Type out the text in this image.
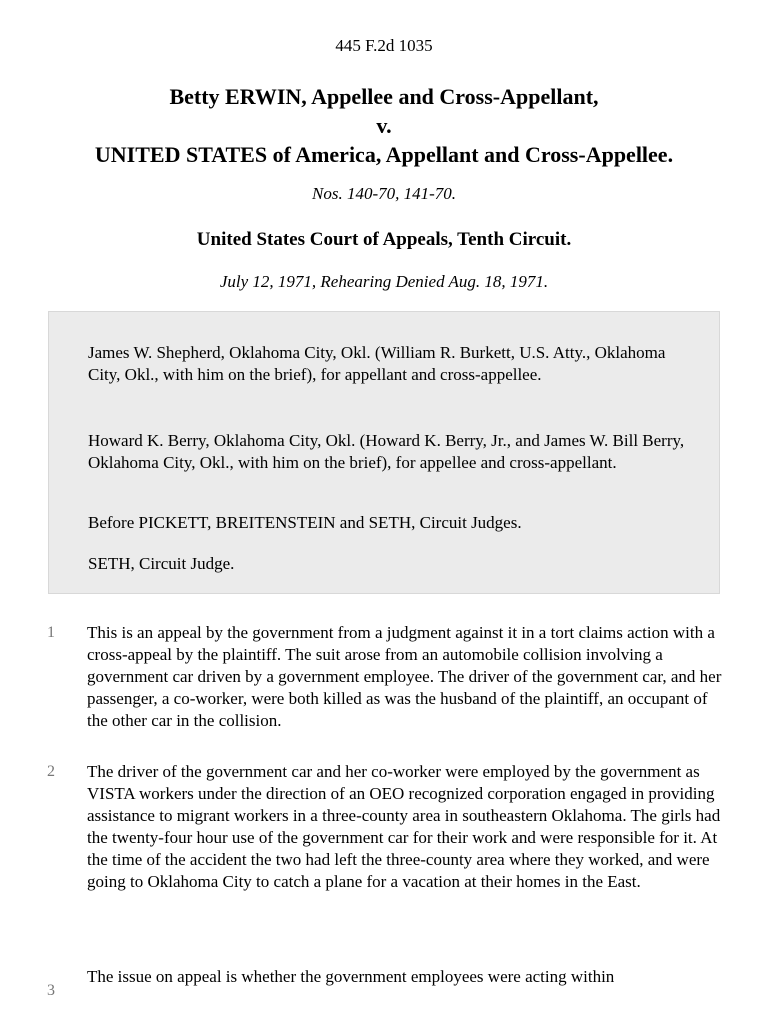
445 F.2d 1035
Betty ERWIN, Appellee and Cross-Appellant,
v.
UNITED STATES of America, Appellant and Cross-Appellee.
Nos. 140-70, 141-70.
United States Court of Appeals, Tenth Circuit.
July 12, 1971, Rehearing Denied Aug. 18, 1971.

James W. Shepherd, Oklahoma City, Okl. (William R. Burkett, U.S. Atty., Oklahoma City, Okl., with him on the brief), for appellant and cross-appellee.

Howard K. Berry, Oklahoma City, Okl. (Howard K. Berry, Jr., and James W. Bill Berry, Oklahoma City, Okl., with him on the brief), for appellee and cross-appellant.

Before PICKETT, BREITENSTEIN and SETH, Circuit Judges.

SETH, Circuit Judge.

1 This is an appeal by the government from a judgment against it in a tort claims action with a cross-appeal by the plaintiff. The suit arose from an automobile collision involving a government car driven by a government employee. The driver of the government car, and her passenger, a co-worker, were both killed as was the husband of the plaintiff, an occupant of the other car in the collision.

2 The driver of the government car and her co-worker were employed by the government as VISTA workers under the direction of an OEO recognized corporation engaged in providing assistance to migrant workers in a three-county area in southeastern Oklahoma. The girls had the twenty-four hour use of the government car for their work and were responsible for it. At the time of the accident the two had left the three-county area where they worked, and were going to Oklahoma City to catch a plane for a vacation at their homes in the East.

3

The issue on appeal is whether the government employees were acting within
